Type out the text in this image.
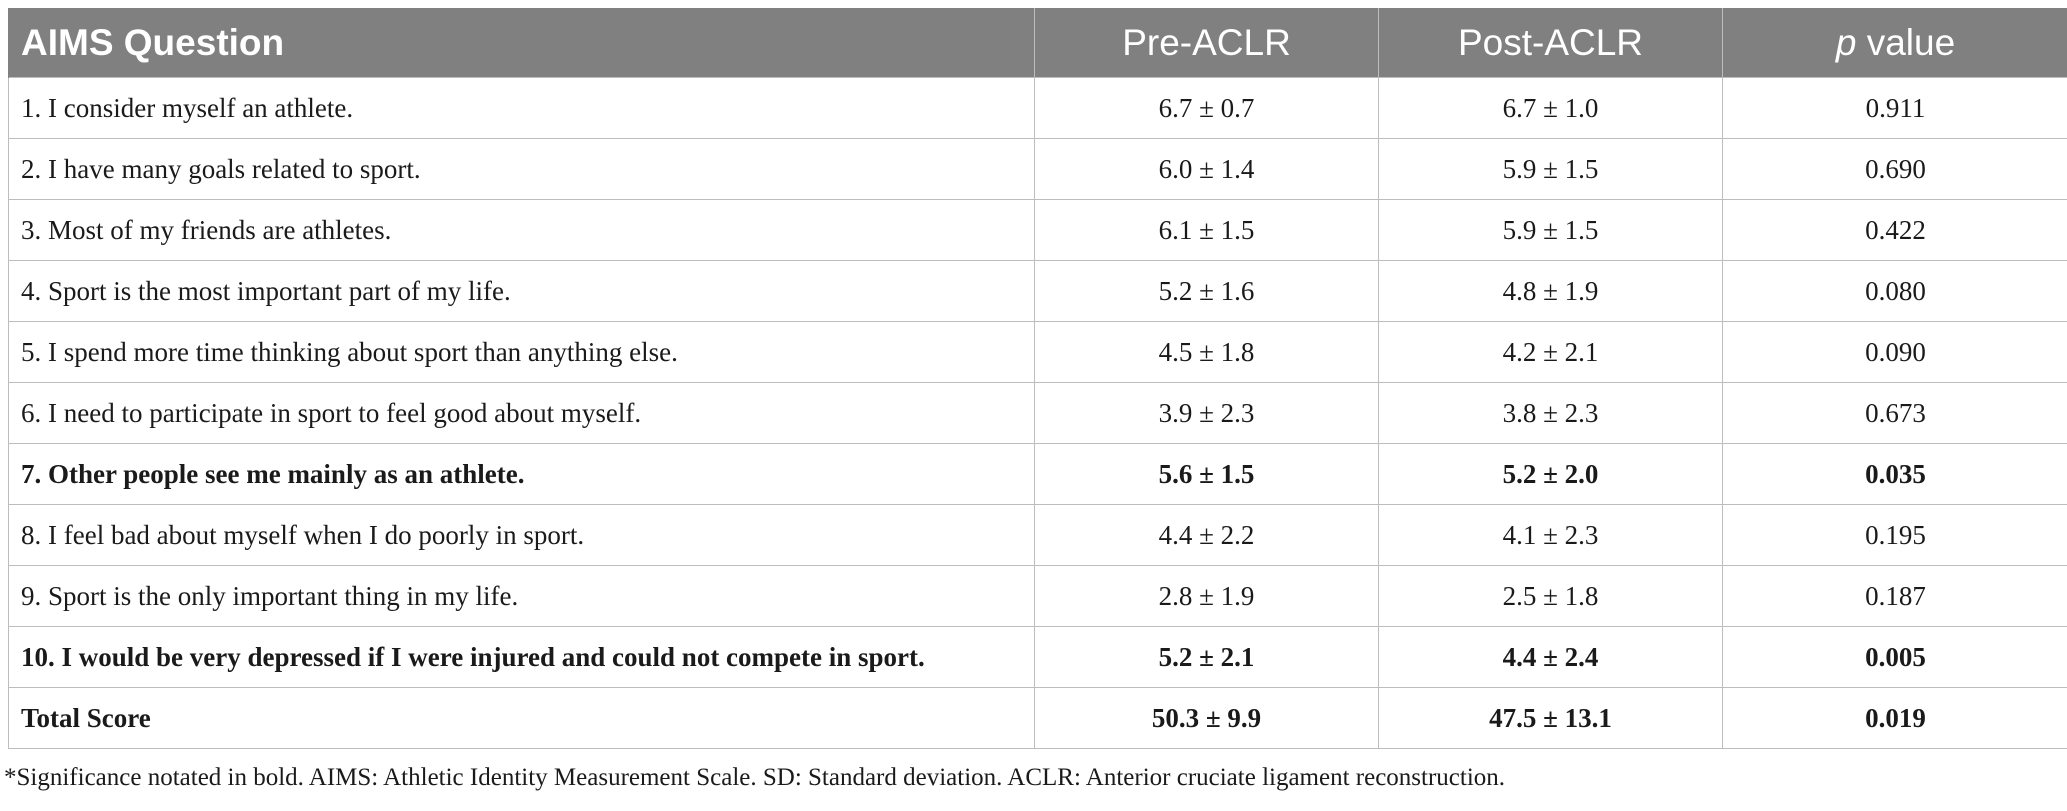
AIMS Question	Pre-ACLR	Post-ACLR	p value
1. I consider myself an athlete.	6.7 ± 0.7	6.7 ± 1.0	0.911
2. I have many goals related to sport.	6.0 ± 1.4	5.9 ± 1.5	0.690
3. Most of my friends are athletes.	6.1 ± 1.5	5.9 ± 1.5	0.422
4. Sport is the most important part of my life.	5.2 ± 1.6	4.8 ± 1.9	0.080
5. I spend more time thinking about sport than anything else.	4.5 ± 1.8	4.2 ± 2.1	0.090
6. I need to participate in sport to feel good about myself.	3.9 ± 2.3	3.8 ± 2.3	0.673
7. Other people see me mainly as an athlete.	5.6 ± 1.5	5.2 ± 2.0	0.035
8. I feel bad about myself when I do poorly in sport.	4.4 ± 2.2	4.1 ± 2.3	0.195
9. Sport is the only important thing in my life.	2.8 ± 1.9	2.5 ± 1.8	0.187
10. I would be very depressed if I were injured and could not compete in sport.	5.2 ± 2.1	4.4 ± 2.4	0.005
Total Score	50.3 ± 9.9	47.5 ± 13.1	0.019
*Significance notated in bold. AIMS: Athletic Identity Measurement Scale. SD: Standard deviation. ACLR: Anterior cruciate ligament reconstruction.
